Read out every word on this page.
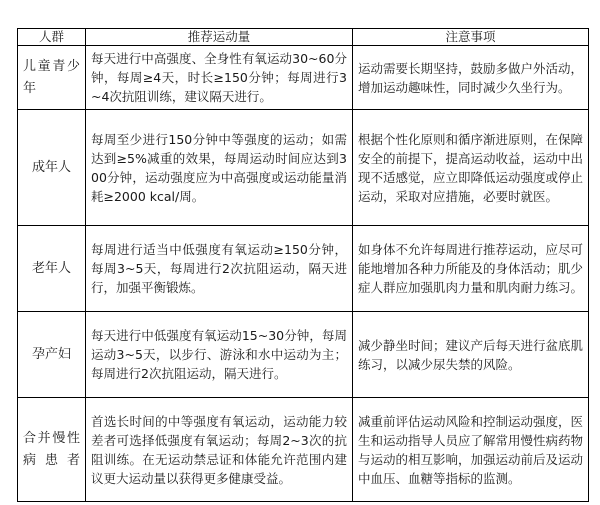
人群	推荐运动量	注意事项
儿童青少年	每天进行中高强度、全身性有氧运动30~60分钟，每周≥4天，时长≥150分钟；每周进行3~4次抗阻训练，建议隔天进行。	运动需要长期坚持，鼓励多做户外活动，增加运动趣味性，同时减少久坐行为。
成年人	每周至少进行150分钟中等强度的运动；如需达到≥5%减重的效果，每周运动时间应达到300分钟，运动强度应为中高强度或运动能量消耗≥2000 kcal/周。	根据个性化原则和循序渐进原则，在保障安全的前提下，提高运动收益，运动中出现不适感觉，应立即降低运动强度或停止运动，采取对应措施，必要时就医。
老年人	每周进行适当中低强度有氧运动≥150分钟，每周3~5天，每周进行2次抗阻运动，隔天进行，加强平衡锻炼。	如身体不允许每周进行推荐运动，应尽可能地增加各种力所能及的身体活动；肌少症人群应加强肌肉力量和肌肉耐力练习。
孕产妇	每天进行中低强度有氧运动15~30分钟，每周运动3~5天，以步行、游泳和水中运动为主；每周进行2次抗阻运动，隔天进行。	减少静坐时间；建议产后每天进行盆底肌练习，以减少尿失禁的风险。
合并慢性病患者	首选长时间的中等强度有氧运动，运动能力较差者可选择低强度有氧运动；每周2~3次的抗阻训练。在无运动禁忌证和体能允许范围内建议更大运动量以获得更多健康受益。	减重前评估运动风险和控制运动强度，医生和运动指导人员应了解常用慢性病药物与运动的相互影响，加强运动前后及运动中血压、血糖等指标的监测。
